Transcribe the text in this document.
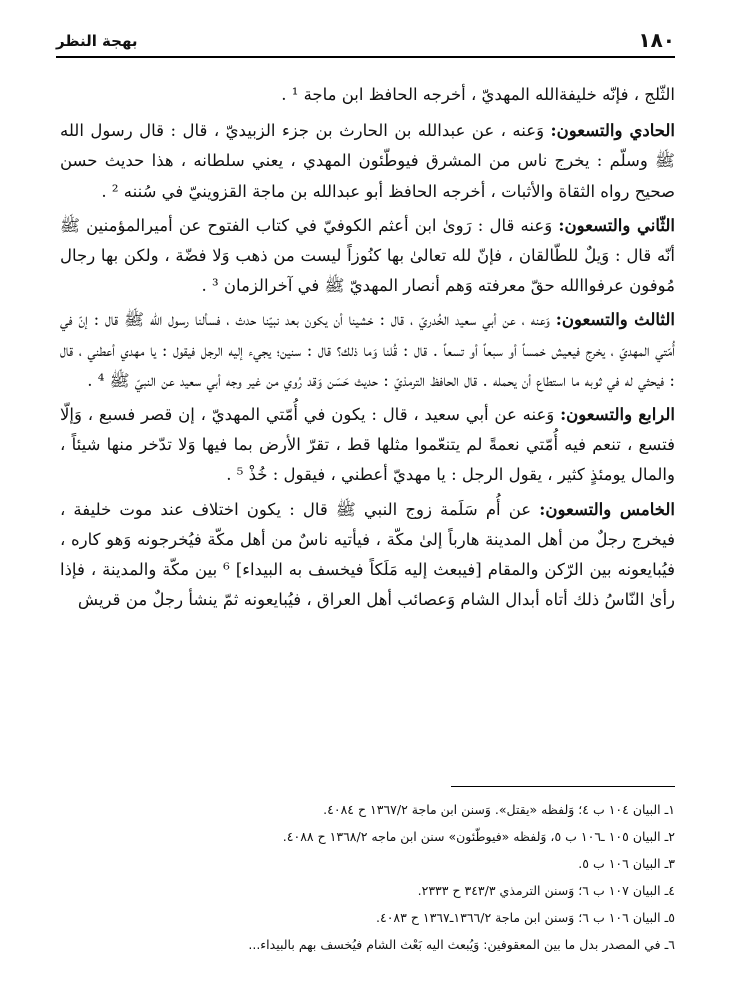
١٨٠
بهجة النظر

الثّلج ، فإنّه خليفةالله المهديّ ، أخرجه الحافظ ابن ماجة ¹ .

الحادي والتسعون: وَعنه ، عن عبدالله بن الحارث بن جزء الزبيديّ ، قال : قال رسول الله ﷺ وسلّم : يخرج ناس من المشرق فيوطّئون المهدي ، يعني سلطانه ، هذا حديث حسن صحيح رواه الثقاة والأثبات ، أخرجه الحافظ أبو عبدالله بن ماجة القزوينيّ في سُننه ² .

الثّاني والتسعون: وَعنه قال : رَوىٰ ابن أعثم الكوفيّ في كتاب الفتوح عن أميرالمؤمنين ﷺ أنّه قال : وَيلٌ للطّالقان ، فإنّ لله تعالىٰ بها كنُوزاً ليست من ذهب وَلا فضّة ، ولكن بها رجال مُوفون عرفواالله حقّ معرفته وَهم أنصار المهديّ ﷺ في آخرالزمان ³ .

الثالث والتسعون: وَعنه ، عن أبي سعيد الخُدريّ ، قال : خشينا أن يكون بعد نبيّنا حدث ، فسألنا رسول الله ﷺ قال : إنّ في أُمّتي المهديّ ، يخرج فيعيش خمساً أو سبعاً أو تسعاً . قال : قُلنا وَما ذلك؟ قال : سنين؛ يجيء إليه الرجل فيقول : يا مهدي أعطني ، قال : فيحثي له في ثوبه ما استطاع أن يحمله . قال الحافظ الترمذيّ : حديث حَسَن وَقد رُوي من غير وجه أبي سعيد عن النبيّ ﷺ ⁴ .

الرابع والتسعون: وَعنه عن أبي سعيد ، قال : يكون في أُمّتي المهديّ ، إن قصر فسبع ، وَإلّا فتسع ، تنعم فيه أُمّتي نعمةً لم يتنعّموا مثلها قط ، تقرّ الأرض بما فيها وَلا تدّخر منها شيئاً ، والمال يومئذٍ كثير ، يقول الرجل : يا مهديّ أعطني ، فيقول : خُذْ ⁵ .

الخامس والتسعون: عن أُم سَلَمة زوج النبي ﷺ قال : يكون اختلاف عند موت خليفة ، فيخرج رجلٌ من أهل المدينة هارباً إلىٰ مكّة ، فيأتيه ناسٌ من أهل مكّة فيُخرجونه وَهو كاره ، فيُبايعونه بين الرّكن والمقام [فيبعث إليه مَلَكاً فيخسف به البيداء] ⁶ بين مكّة والمدينة ، فإذا رأىٰ النّاسُ ذلك أتاه أبدال الشام وَعصائب أهل العراق ، فيُبايعونه ثمّ ينشأ رجلٌ من قريش

١ـ البيان ١٠٤ ب ٤؛ وَلفظه «يقتل». وَسنن ابن ماجة ١٣٦٧/٢ ح ٤٠٨٤.
٢ـ البيان ١٠٥ ـ١٠٦ ب ٥، وَلفظه «فيوطّئون» سنن ابن ماجه ١٣٦٨/٢ ح ٤٠٨٨.
٣ـ البيان ١٠٦ ب ٥.
٤ـ البيان ١٠٧ ب ٦؛ وَسنن الترمذي ٣٤٣/٣ ح ٢٣٣٣.
٥ـ البيان ١٠٦ ب ٦؛ وَسنن ابن ماجة ١٣٦٦/٢ـ١٣٦٧ ح ٤٠٨٣.
٦ـ في المصدر بدل ما بين المعقوفين: وَيُبعث اليه بَعْث الشام فيُخسف بهم بالبيداء...
